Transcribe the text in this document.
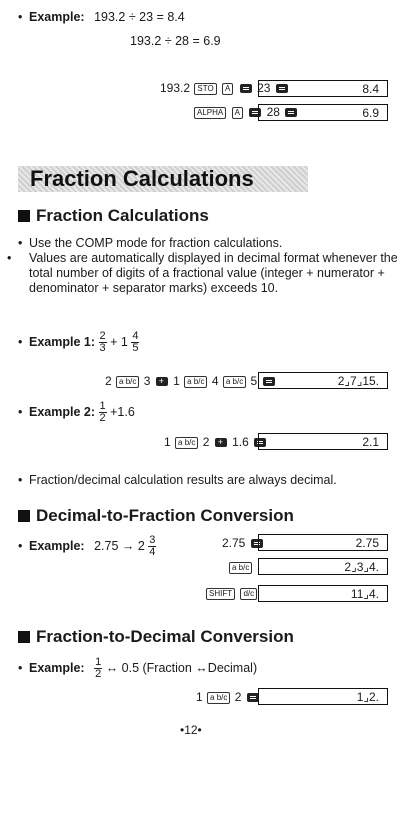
• Example: 193.2 ÷ 23 = 8.4
193.2 ÷ 28 = 6.9
193.2 STO A 23	8.4
ALPHA A 28	6.9
Fraction Calculations
Fraction Calculations
• Use the COMP mode for fraction calculations.
• Values are automatically displayed in decimal format whenever the total number of digits of a fractional value (integer + numerator + denominator + separator marks) exceeds 10.
• Example 1: $\frac{2}{3} + 1 \frac{4}{5}$
2 a b/c 3 + 1 a b/c 4 a b/c 5	2⌟7⌟15.
• Example 2: $\frac{1}{2} +1.6$
1 a b/c 2 + 1.6	2.1
• Fraction/decimal calculation results are always decimal.
Decimal-to-Fraction Conversion
• Example: $2.75 \to 2 \frac{3}{4}$	2.75	2.75
a b/c	2⌟3⌟4.
SHIFT d/c	11⌟4.
Fraction-to-Decimal Conversion
• Example: $\frac{1}{2}$ ↔ 0.5 (Fraction ↔Decimal)
1 a b/c 2	1⌟2.
•12•
